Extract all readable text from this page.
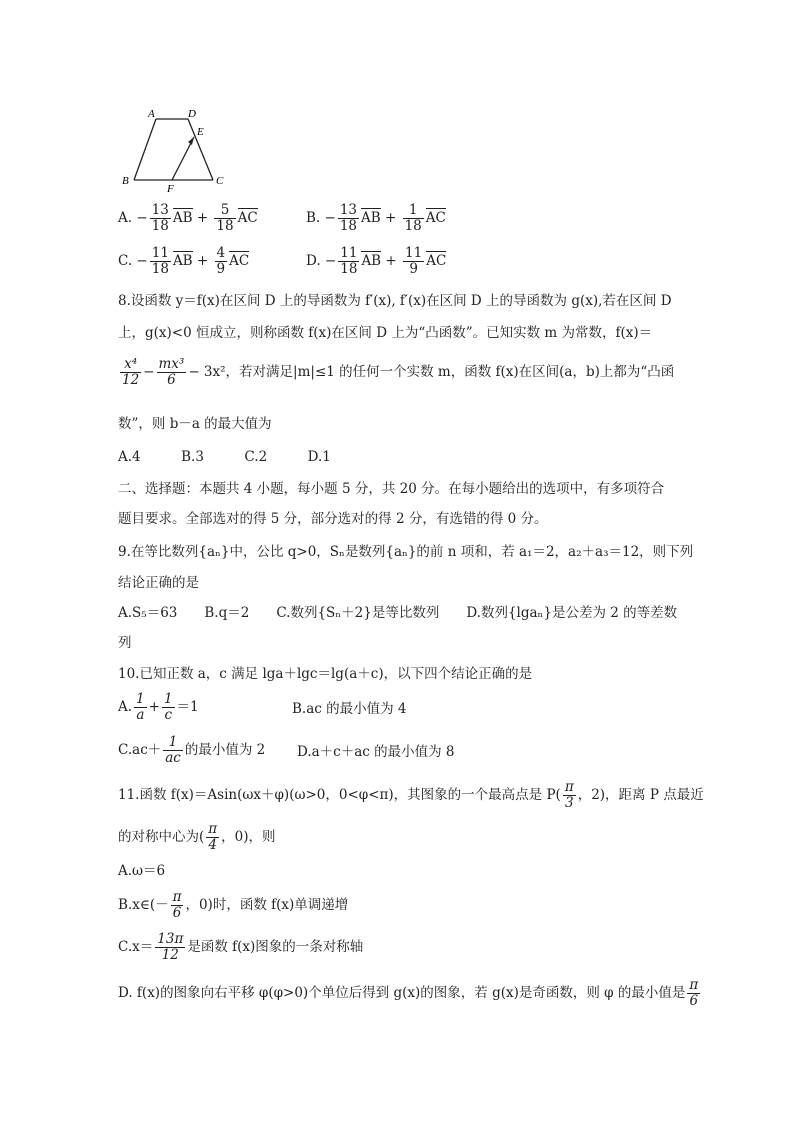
A	D
E
B
F
C
A. − $\frac{13}{18}$ AB + $\frac{5}{18}$ AC	B. − $\frac{13}{18}$ AB + $\frac{1}{18}$ AC
C. − $\frac{11}{18}$ AB + $\frac{4}{9}$ AC	D. − $\frac{11}{18}$ AB + $\frac{11}{9}$ AC
8.设函数 y＝f(x)在区间 D 上的导函数为 f′(x), f′(x)在区间 D 上的导函数为 g(x),若在区间 D
上，g(x)<0 恒成立，则称函数 f(x)在区间 D 上为“凸函数”。已知实数 m 为常数，f(x)＝
$\frac{\text{x⁴}}{12} - \frac{\text{mx³}}{6} - 3x^2$，若对满足|m|≤1 的任何一个实数 m，函数 f(x)在区间(a，b)上都为“凸函
数”，则 b－a 的最大值为
A.4　　　B.3　　　C.2　　　D.1
二、选择题：本题共 4 小题，每小题 5 分，共 20 分。在每小题给出的选项中，有多项符合
题目要求。全部选对的得 5 分，部分选对的得 2 分，有选错的得 0 分。
9.在等比数列{aₙ}中，公比 q>0，Sₙ是数列{aₙ}的前 n 项和，若 a₁＝2，a₂＋a₃＝12，则下列
结论正确的是
A.S₅＝63　　B.q＝2　　C.数列{Sₙ＋2}是等比数列　　D.数列{lgaₙ}是公差为 2 的等差数
列
10.已知正数 a，c 满足 lga＋lgc＝lg(a＋c)，以下四个结论正确的是
A. $\frac{1}{a} + \frac{1}{c} =1$	B.ac 的最小值为 4
$C.ac+ \frac{1}{ac}$ 的最小值为 2 D.a＋c＋ac 的最小值为 8
11.函数 f(x)＝Asin(ωx＋φ)(ω>0，0<φ<π)，其图象的一个最高点是 $P( \frac{\pi}{3}$ ，2)，距离 P 点最近
的对称中心为( $\frac{\pi}{4}$ ，0)，则
A.ω＝6
B.x∈(－ $\frac{\pi}{6}$ ，0)时，函数 f(x)单调递增
$C.x= \frac{13\pi}{12}$ 是函数 f(x)图象的一条对称轴
D. f(x)的图象向右平移 φ(φ>0)个单位后得到 g(x)的图象，若 g(x)是奇函数，则 φ 的最小值是 $\frac{\pi}{6}$
